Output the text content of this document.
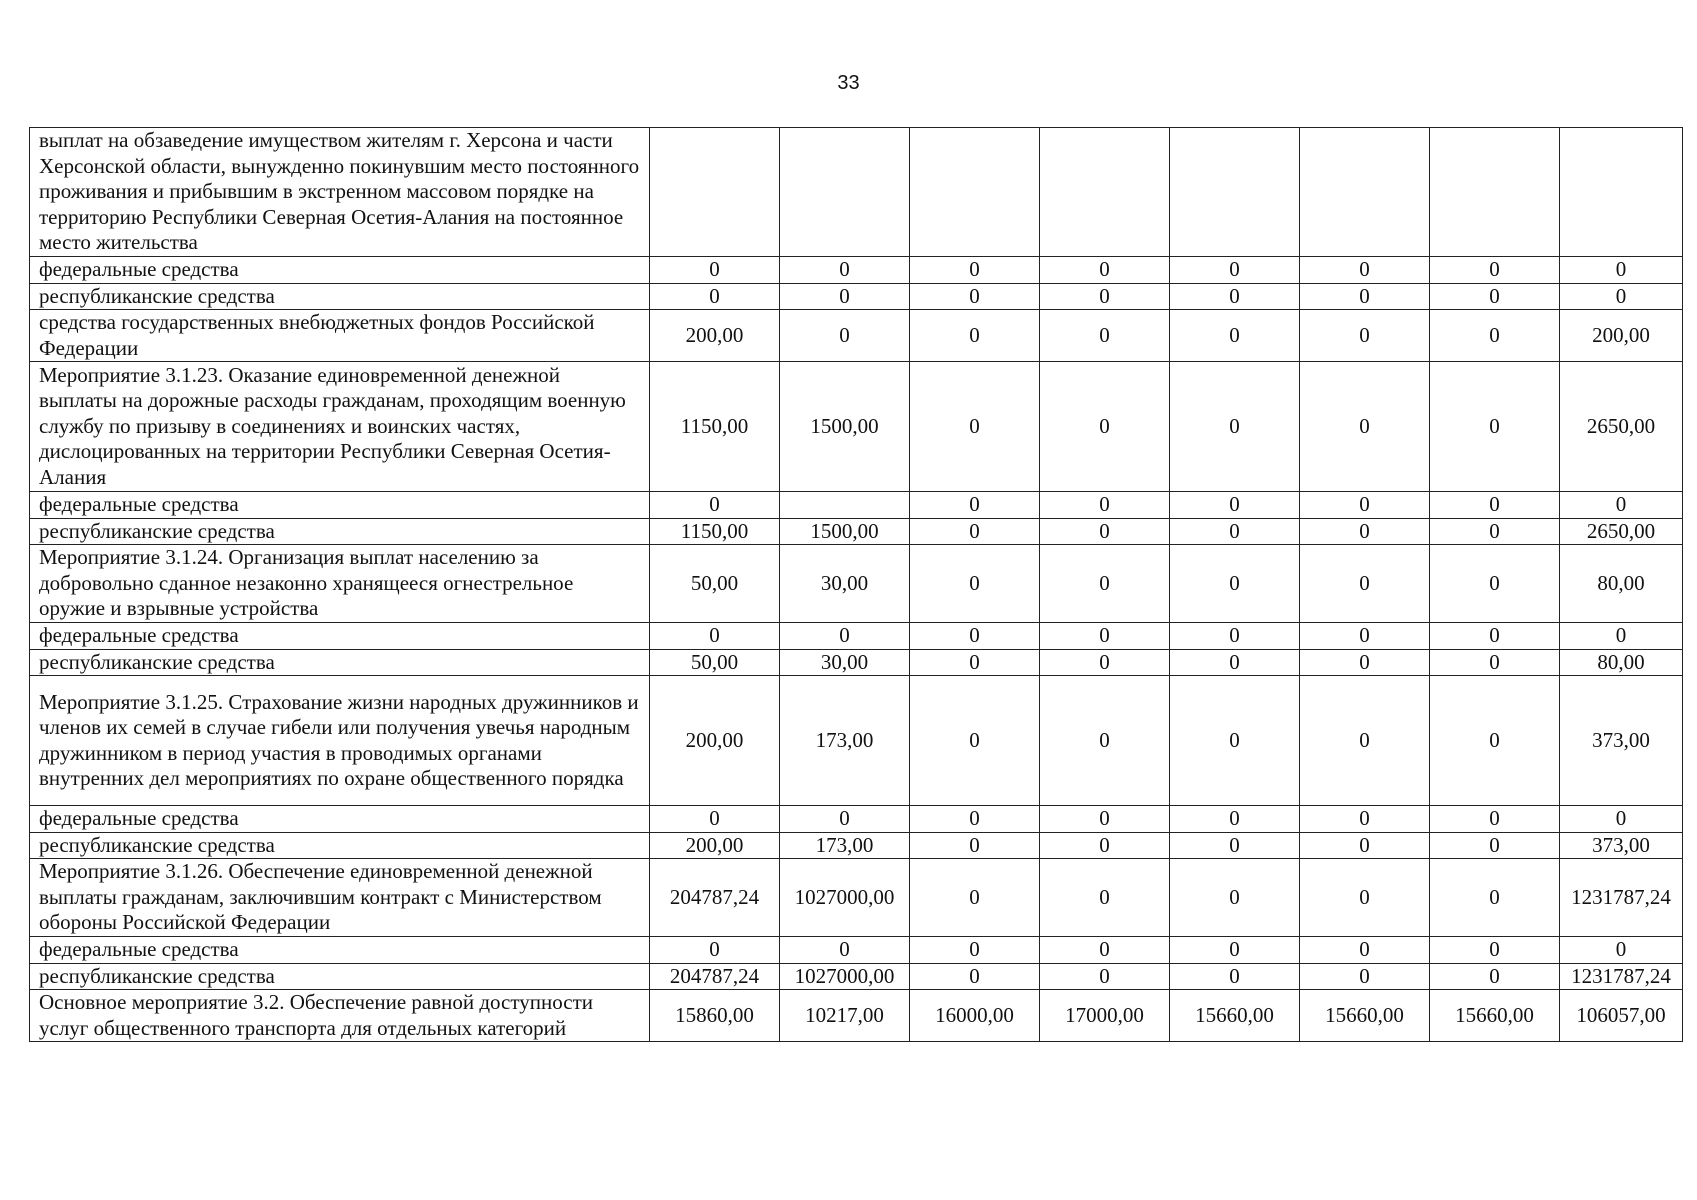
33
выплат на обзаведение имуществом жителям г. Херсона и части Херсонской области, вынужденно покинувшим место постоянного проживания и прибывшим в экстренном массовом порядке на территорию Республики Северная Осетия-Алания на постоянное место жительства								
федеральные средства	0	0	0	0	0	0	0	0
республиканские средства	0	0	0	0	0	0	0	0
средства государственных внебюджетных фондов Российской Федерации	200,00	0	0	0	0	0	0	200,00
Мероприятие 3.1.23. Оказание единовременной денежной выплаты на дорожные расходы гражданам, проходящим военную службу по призыву в соединениях и воинских частях, дислоцированных на территории Республики Северная Осетия-Алания	1150,00	1500,00	0	0	0	0	0	2650,00
федеральные средства	0		0	0	0	0	0	0
республиканские средства	1150,00	1500,00	0	0	0	0	0	2650,00
Мероприятие 3.1.24. Организация выплат населению за добровольно сданное незаконно хранящееся огнестрельное оружие и взрывные устройства	50,00	30,00	0	0	0	0	0	80,00
федеральные средства	0	0	0	0	0	0	0	0
республиканские средства	50,00	30,00	0	0	0	0	0	80,00
Мероприятие 3.1.25. Страхование жизни народных дружинников и членов их семей в случае гибели или получения увечья народным дружинником в период участия в проводимых органами внутренних дел мероприятиях по охране общественного порядка	200,00	173,00	0	0	0	0	0	373,00
федеральные средства	0	0	0	0	0	0	0	0
республиканские средства	200,00	173,00	0	0	0	0	0	373,00
Мероприятие 3.1.26. Обеспечение единовременной денежной выплаты гражданам, заключившим контракт с Министерством обороны Российской Федерации	204787,24	1027000,00	0	0	0	0	0	1231787,24
федеральные средства	0	0	0	0	0	0	0	0
республиканские средства	204787,24	1027000,00	0	0	0	0	0	1231787,24
Основное мероприятие 3.2. Обеспечение равной доступности услуг общественного транспорта для отдельных категорий	15860,00	10217,00	16000,00	17000,00	15660,00	15660,00	15660,00	106057,00
